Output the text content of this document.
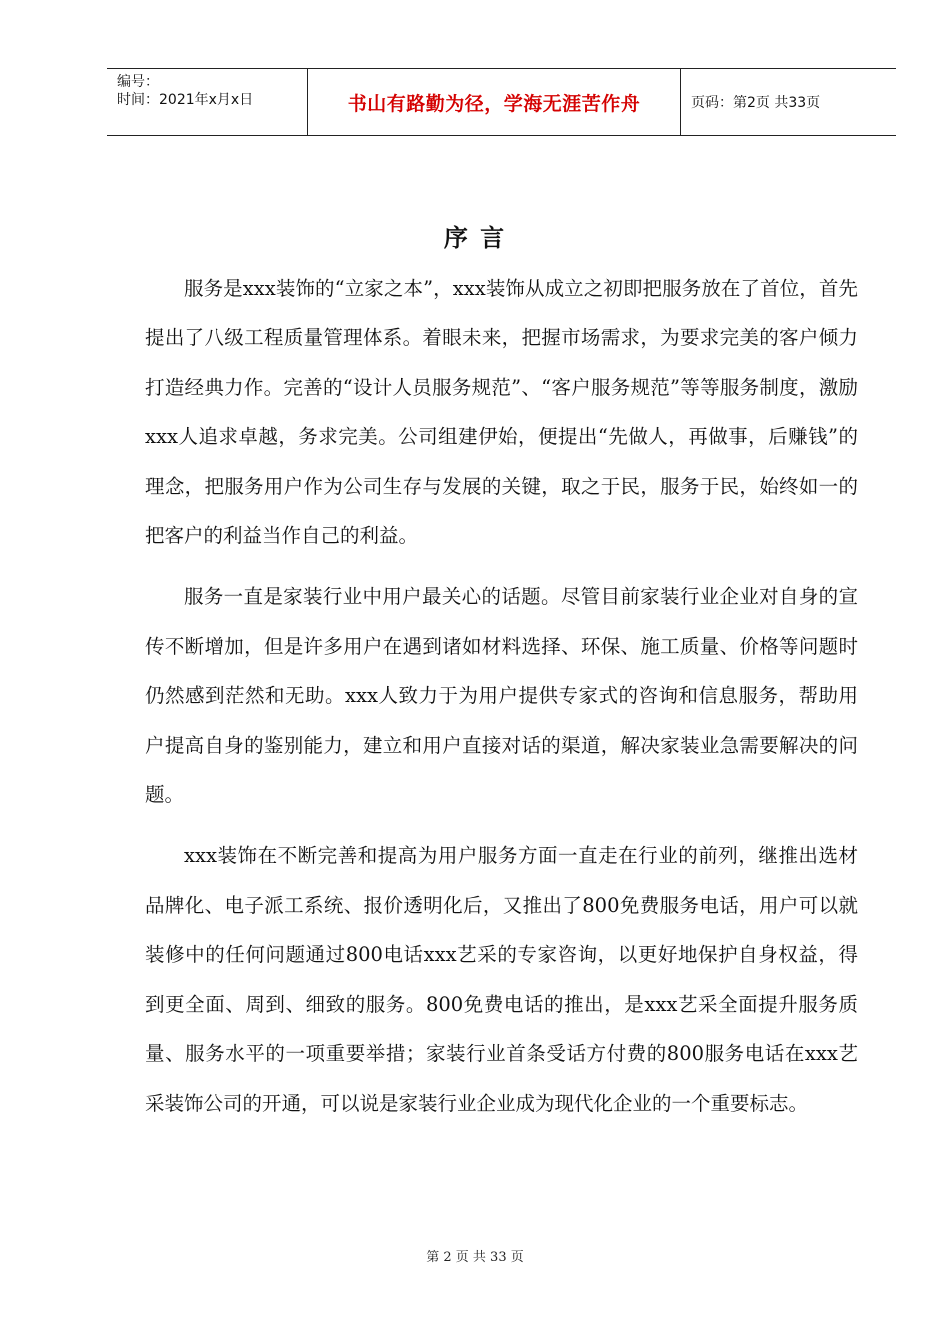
编号：
时间：2021年x月x日	书山有路勤为径，学海无涯苦作舟	页码：第2页 共33页
序 言

服务是xxx装饰的“立家之本”，xxx装饰从成立之初即把服务放在了首位，首先提出了八级工程质量管理体系。着眼未来，把握市场需求，为要求完美的客户倾力打造经典力作。完善的“设计人员服务规范”、“客户服务规范”等等服务制度，激励xxx人追求卓越，务求完美。公司组建伊始，便提出“先做人，再做事，后赚钱”的理念，把服务用户作为公司生存与发展的关键，取之于民，服务于民，始终如一的把客户的利益当作自己的利益。

服务一直是家装行业中用户最关心的话题。尽管目前家装行业企业对自身的宣传不断增加，但是许多用户在遇到诸如材料选择、环保、施工质量、价格等问题时仍然感到茫然和无助。xxx人致力于为用户提供专家式的咨询和信息服务，帮助用户提高自身的鉴别能力，建立和用户直接对话的渠道，解决家装业急需要解决的问题。

xxx装饰在不断完善和提高为用户服务方面一直走在行业的前列，继推出选材品牌化、电子派工系统、报价透明化后，又推出了800免费服务电话，用户可以就装修中的任何问题通过800电话xxx艺采的专家咨询，以更好地保护自身权益，得到更全面、周到、细致的服务。800免费电话的推出，是xxx艺采全面提升服务质量、服务水平的一项重要举措；家装行业首条受话方付费的800服务电话在xxx艺采装饰公司的开通，可以说是家装行业企业成为现代化企业的一个重要标志。

第 2 页 共 33 页
